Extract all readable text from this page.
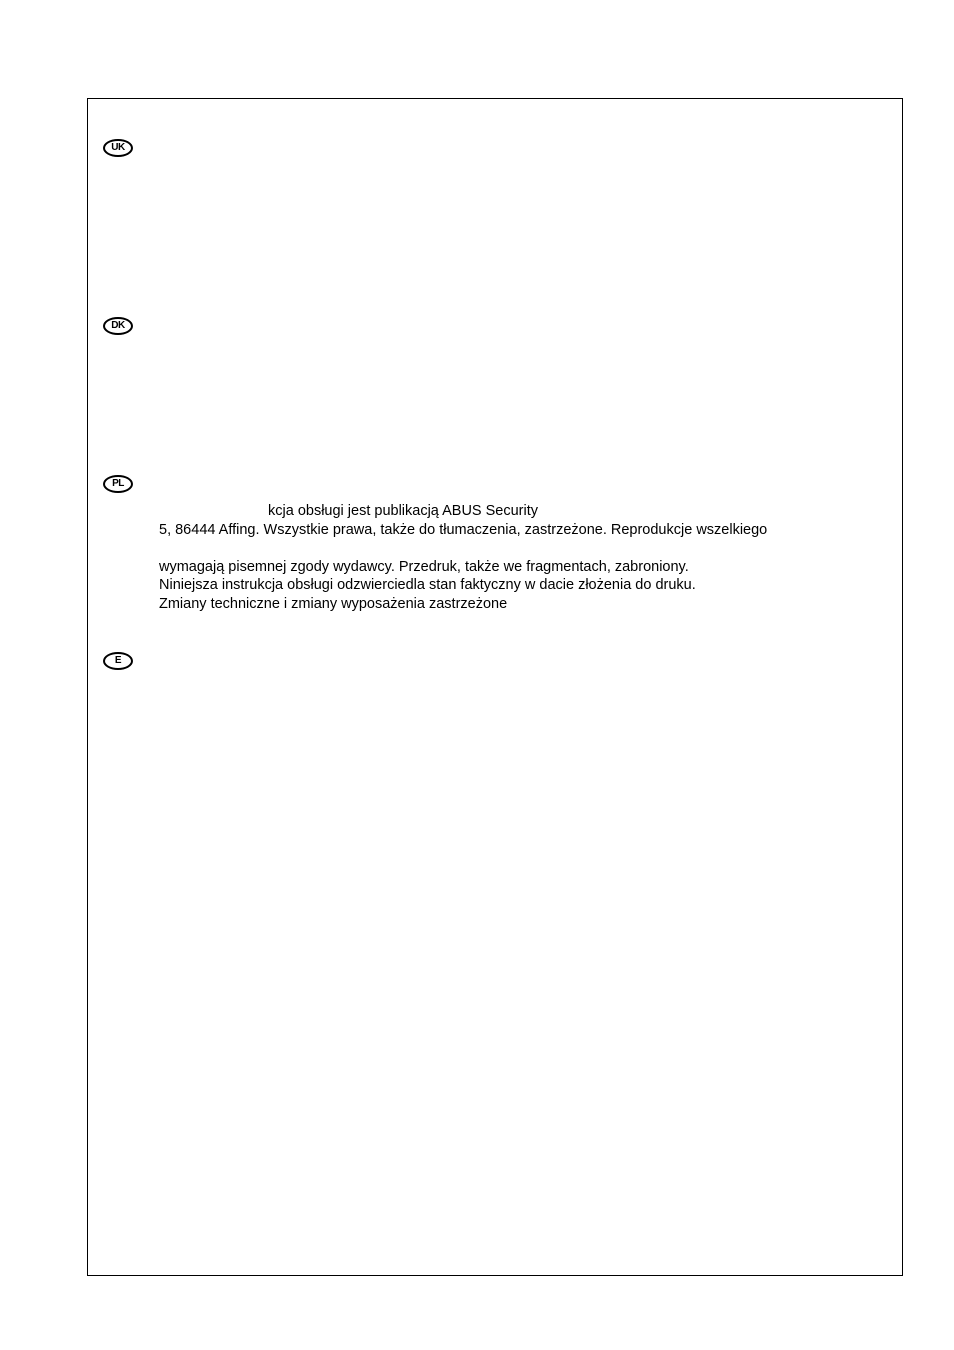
UK
DK
PL
kcja obsługi jest publikacją ABUS Security
5, 86444 Affing. Wszystkie prawa, także do tłumaczenia, zastrzeżone. Reprodukcje wszelkiego
wymagają pisemnej zgody wydawcy. Przedruk, także we fragmentach, zabroniony.
Niniejsza instrukcja obsługi odzwierciedla stan faktyczny w dacie złożenia do druku.
Zmiany techniczne i zmiany wyposażenia zastrzeżone
E
